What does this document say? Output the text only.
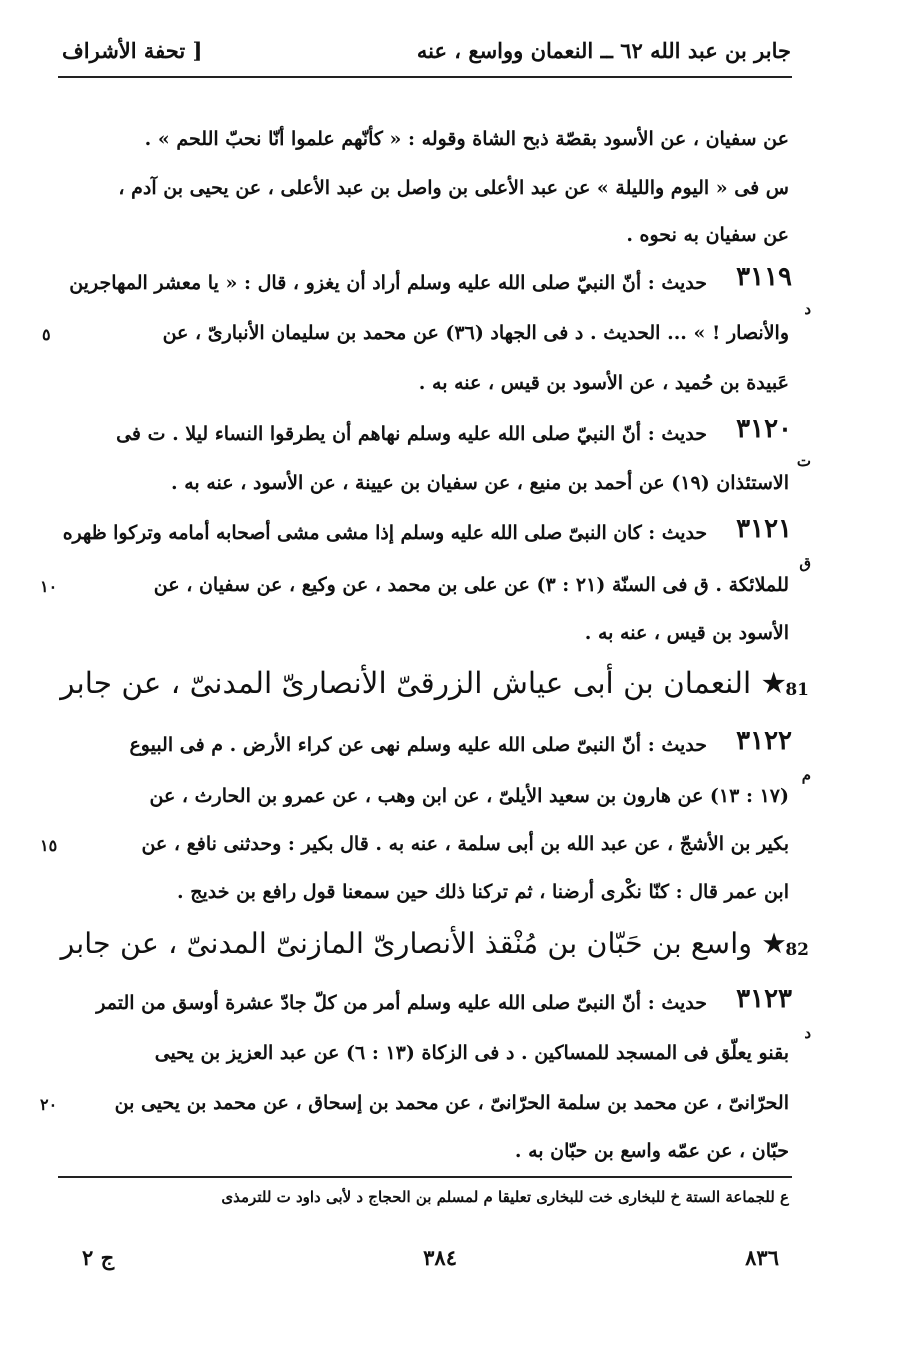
جابر بن عبد الله ٦٢ ــ النعمان وواسع ، عنه
[ تحفة الأشراف
عن سفيان ، عن الأسود بقصّة ذبح الشاة وقوله : « كأنّهم علموا أنّا نحبّ اللحم » .
س فى « اليوم والليلة » عن عبد الأعلى بن واصل بن عبد الأعلى ، عن يحيى بن آدم ،
عن سفيان به نحوه .
٣١١٩
د
حديث : أنّ النبيّ صلى الله عليه وسلم أراد أن يغزو ، قال : « يا معشر المهاجرين
والأنصار ! » ... الحديث . د فى الجهاد (٣٦) عن محمد بن سليمان الأنبارىّ ، عن
٥
عَبيدة بن حُميد ، عن الأسود بن قيس ، عنه به .
٣١٢٠
ت
حديث : أنّ النبيّ صلى الله عليه وسلم نهاهم أن يطرقوا النساء ليلا . ت فى
الاستئذان (١٩) عن أحمد بن منيع ، عن سفيان بن عيينة ، عن الأسود ، عنه به .
٣١٢١
ق
حديث : كان النبىّ صلى الله عليه وسلم إذا مشى مشى أصحابه أمامه وتركوا ظهره
للملائكة . ق فى السنّة (٢١ : ٣) عن على بن محمد ، عن وكيع ، عن سفيان ، عن
١٠
الأسود بن قيس ، عنه به .
81
★ النعمان بن أبى عياش الزرقىّ الأنصارىّ المدنىّ ، عن جابر
٣١٢٢
م
حديث : أنّ النبىّ صلى الله عليه وسلم نهى عن كراء الأرض . م فى البيوع
(١٧ : ١٣) عن هارون بن سعيد الأيلىّ ، عن ابن وهب ، عن عمرو بن الحارث ، عن
بكير بن الأشجّ ، عن عبد الله بن أبى سلمة ، عنه به . قال بكير : وحدثنى نافع ، عن
١٥
ابن عمر قال : كنّا نكْرى أرضنا ، ثم تركنا ذلك حين سمعنا قول رافع بن خديج .
82
★ واسع بن حَبّان بن مُنْقذ الأنصارىّ المازنىّ المدنىّ ، عن جابر
٣١٢٣
د
حديث : أنّ النبىّ صلى الله عليه وسلم أمر من كلّ جادّ عشرة أوسق من التمر
بقنو يعلّق فى المسجد للمساكين . د فى الزكاة (١٣ : ٦) عن عبد العزيز بن يحيى
الحرّانىّ ، عن محمد بن سلمة الحرّانىّ ، عن محمد بن إسحاق ، عن محمد بن يحيى بن
٢٠
حبّان ، عن عمّه واسع بن حبّان به .
ع للجماعة الستة خ للبخارى خت للبخارى تعليقا م لمسلم بن الحجاج د لأبى داود ت للترمذى
٨٣٦
٣٨٤
ج ٢
